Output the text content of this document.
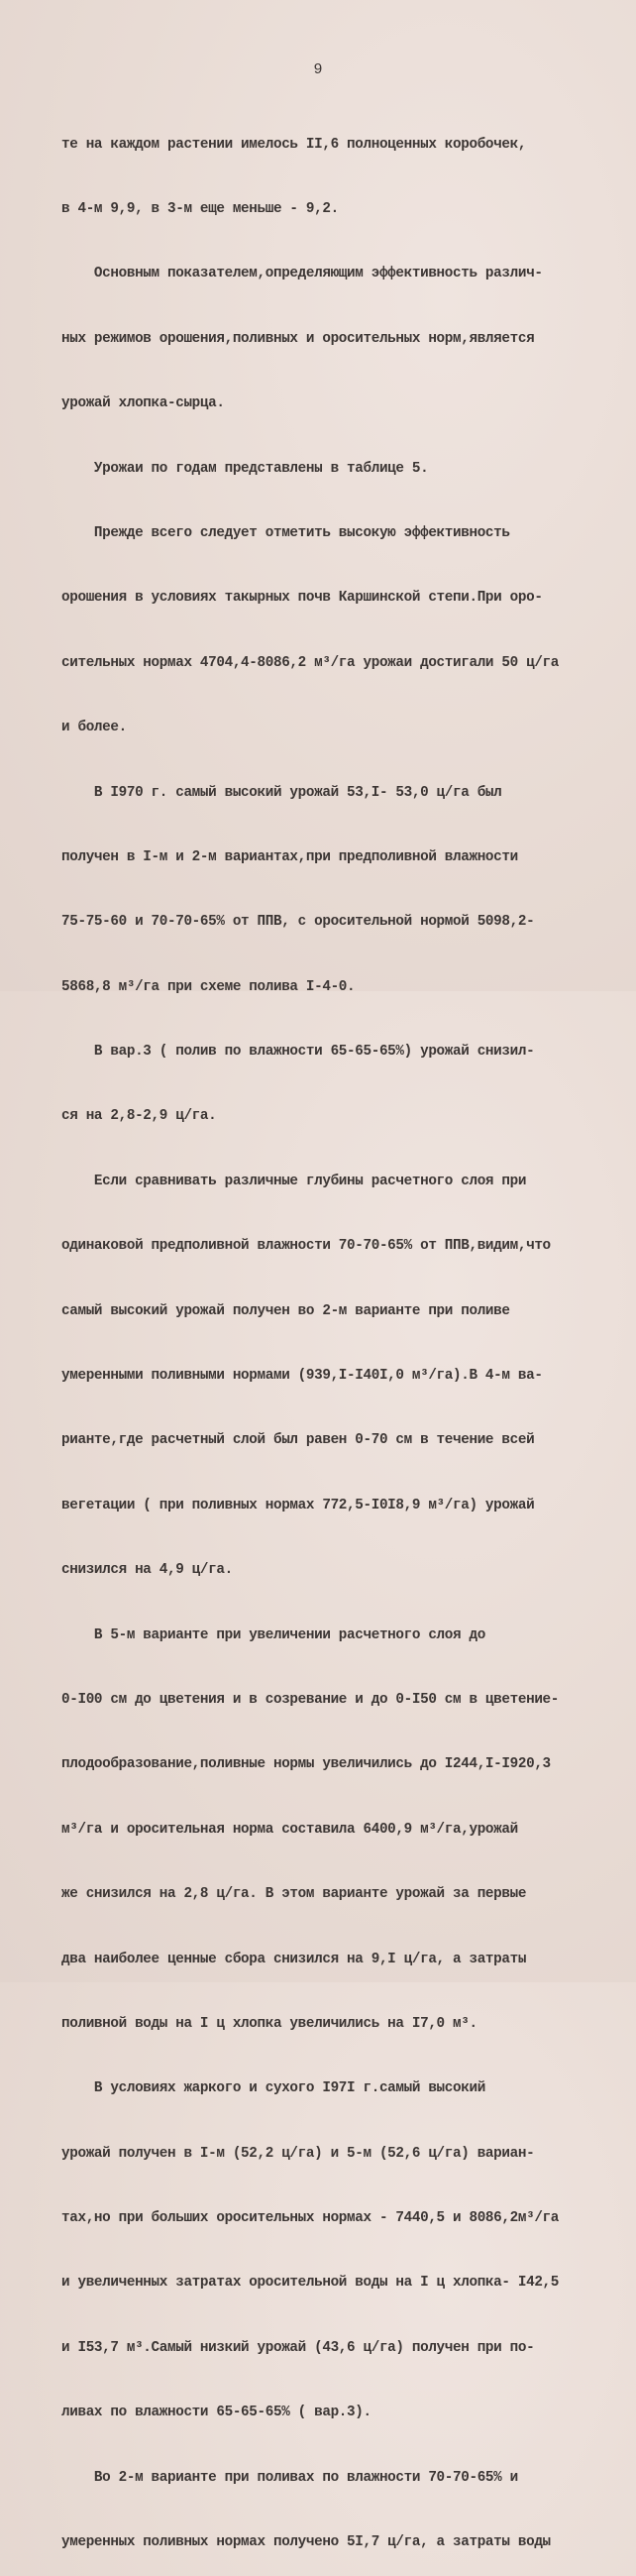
9

те на каждом растении имелось II,6 полноценных коробочек,

в 4-м 9,9, в 3-м еще меньше - 9,2.

Основным показателем,определяющим эффективность различ-

ных режимов орошения,поливных и оросительных норм,является

урожай хлопка-сырца.

Урожаи по годам представлены в таблице 5.

Прежде всего следует отметить высокую эффективность

орошения в условиях такырных почв Каршинской степи.При оро-

сительных нормах 4704,4-8086,2 м³/га урожаи достигали 50 ц/га

и более.

В I970 г. самый высокий урожай 53,I- 53,0 ц/га был

получен в I-м и 2-м вариантах,при предполивной влажности

75-75-60 и 70-70-65% от ППВ, с оросительной нормой 5098,2-

5868,8 м³/га при схеме полива I-4-0.

В вар.3 ( полив по влажности 65-65-65%) урожай снизил-

ся на 2,8-2,9 ц/га.

Если сравнивать различные глубины расчетного слоя при

одинаковой предполивной влажности 70-70-65% от ППВ,видим,что

самый высокий урожай получен во 2-м варианте при поливе

умеренными поливными нормами (939,I-I40I,0 м³/га).В 4-м ва-

рианте,где расчетный слой был равен 0-70 см в течение всей

вегетации ( при поливных нормах 772,5-I0I8,9 м³/га) урожай

снизился на 4,9 ц/га.

В 5-м варианте при увеличении расчетного слоя до

0-I00 см до цветения и в созревание и до 0-I50 см в цветение-

плодообразование,поливные нормы увеличились до I244,I-I920,3

м³/га и оросительная норма составила 6400,9 м³/га,урожай

же снизился на 2,8 ц/га. В этом варианте урожай за первые

два наиболее ценные сбора снизился на 9,I ц/га, а затраты

поливной воды на I ц хлопка увеличились на I7,0 м³.

В условиях жаркого и сухого I97I г.самый высокий

урожай получен в I-м (52,2 ц/га) и 5-м (52,6 ц/га) вариан-

тах,но при больших оросительных нормах - 7440,5 и 8086,2м³/га

и увеличенных затратах оросительной воды на I ц хлопка- I42,5

и I53,7 м³.Самый низкий урожай (43,6 ц/га) получен при по-

ливах по влажности 65-65-65% ( вар.3).

Во 2-м варианте при поливах по влажности 70-70-65% и

умеренных поливных нормах получено 5I,7 ц/га, а затраты воды
